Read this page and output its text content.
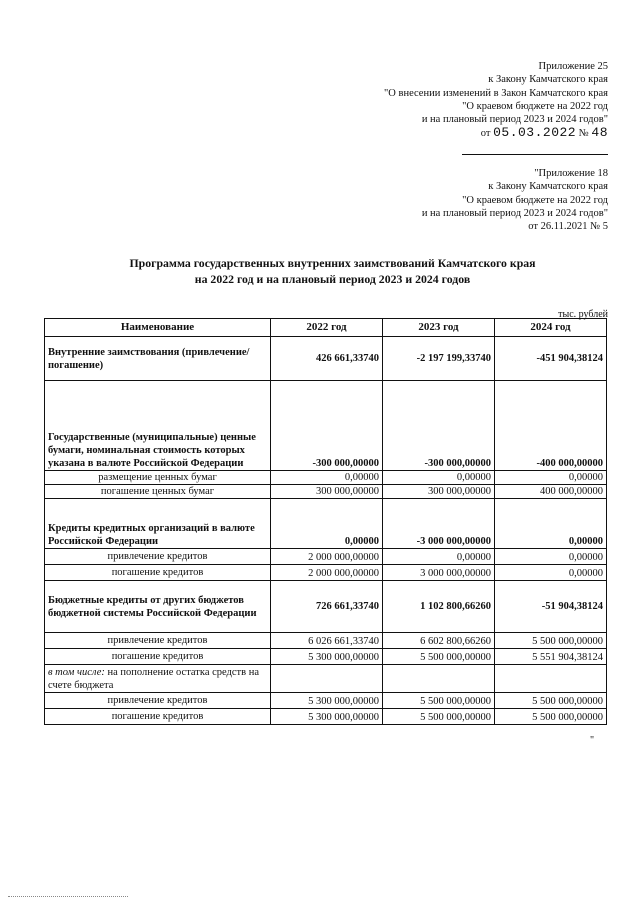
Приложение 25
к Закону Камчатского края
"О внесении изменений в Закон Камчатского края
"О краевом бюджете на 2022 год
и на плановый период 2023 и 2024 годов"
от 05.03.2022 № 48
"Приложение 18
к Закону Камчатского края
"О краевом бюджете на 2022 год
и на плановый период 2023 и 2024 годов"
от 26.11.2021 № 5
Программа государственных внутренних заимствований Камчатского края
на 2022 год и на плановый период 2023 и 2024 годов
тыс. рублей
Наименование	2022 год	2023 год	2024 год
Внутренние заимствования (привлечение/погашение)	426 661,33740	-2 197 199,33740	-451 904,38124
Государственные (муниципальные) ценные бумаги, номинальная стоимость которых указана в валюте Российской Федерации	-300 000,00000	-300 000,00000	-400 000,00000
размещение ценных бумаг	0,00000	0,00000	0,00000
погашение ценных бумаг	300 000,00000	300 000,00000	400 000,00000
Кредиты кредитных организаций в валюте Российской Федерации	0,00000	-3 000 000,00000	0,00000
привлечение кредитов	2 000 000,00000	0,00000	0,00000
погашение кредитов	2 000 000,00000	3 000 000,00000	0,00000
Бюджетные кредиты от других бюджетов бюджетной системы Российской Федерации	726 661,33740	1 102 800,66260	-51 904,38124
привлечение кредитов	6 026 661,33740	6 602 800,66260	5 500 000,00000
погашение кредитов	5 300 000,00000	5 500 000,00000	5 551 904,38124
в том числе: на пополнение остатка средств на счете бюджета			
привлечение кредитов	5 300 000,00000	5 500 000,00000	5 500 000,00000
погашение кредитов	5 300 000,00000	5 500 000,00000	5 500 000,00000
"
